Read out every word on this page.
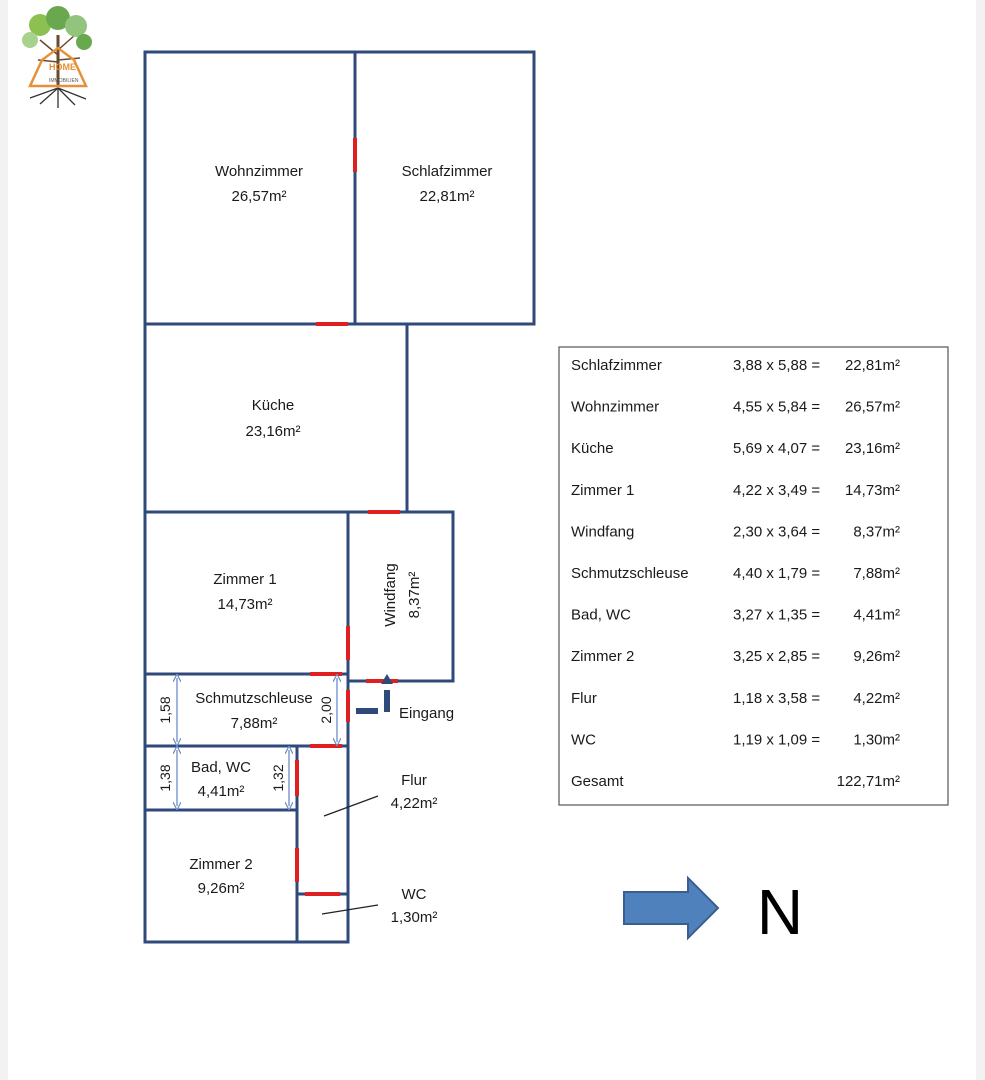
HOME
IMMOBILIEN
Wohnzimmer
26,57m²
Schlafzimmer
22,81m²
Küche
23,16m²
Zimmer 1
14,73m²	Windfang 8,37m²
Schmutzschleuse
7,88m²
Bad, WC
4,41m²
Zimmer 2
9,26m²
Flur
4,22m²
WC
1,30m²
1,58	2,00
1,38	1,32
Eingang
Schlafzimmer	3,88 x 5,88 = 22,81m²
Wohnzimmer	4,55 x 5,84 = 26,57m²
Küche	5,69 x 4,07 = 23,16m²
Zimmer 1	4,22 x 3,49 = 14,73m²
Windfang	2,30 x 3,64 = 8,37m²
Schmutzschleuse	4,40 x 1,79 = 7,88m²
Bad, WC	3,27 x 1,35 = 4,41m²
Zimmer 2	3,25 x 2,85 = 9,26m²
Flur	1,18 x 3,58 = 4,22m²
WC	1,19 x 1,09 = 1,30m²
Gesamt	122,71m²
N
